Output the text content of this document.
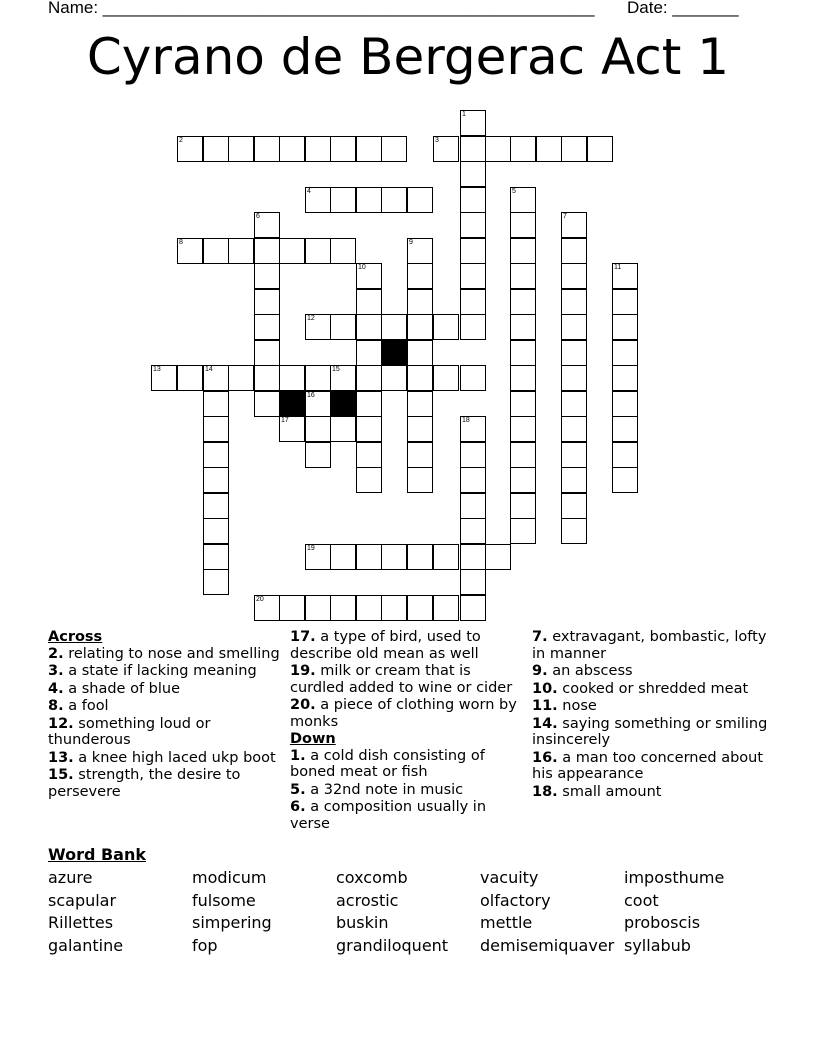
Name: ____________________________________________________ Date: _______
Cyrano de Bergerac Act 1
1
2	3
4	5
6	7
8	9
10	11
12
13	14	15
16
17	18
19
20
Across
2. relating to nose and smelling
3. a state if lacking meaning
4. a shade of blue
8. a fool
12. something loud or thunderous
13. a knee high laced ukp boot
15. strength, the desire to persevere
17. a type of bird, used to describe old mean as well
19. milk or cream that is curdled added to wine or cider
20. a piece of clothing worn by monks
Down
1. a cold dish consisting of boned meat or fish
5. a 32nd note in music
6. a composition usually in verse
7. extravagant, bombastic, lofty in manner
9. an abscess
10. cooked or shredded meat
11. nose
14. saying something or smiling insincerely
16. a man too concerned about his appearance
18. small amount
Word Bank
azure	modicum	coxcomb	vacuity	imposthume
scapular	fulsome	acrostic	olfactory	coot
Rillettes	simpering	buskin	mettle	proboscis
galantine	fop	grandiloquent demisemiquaver syllabub
